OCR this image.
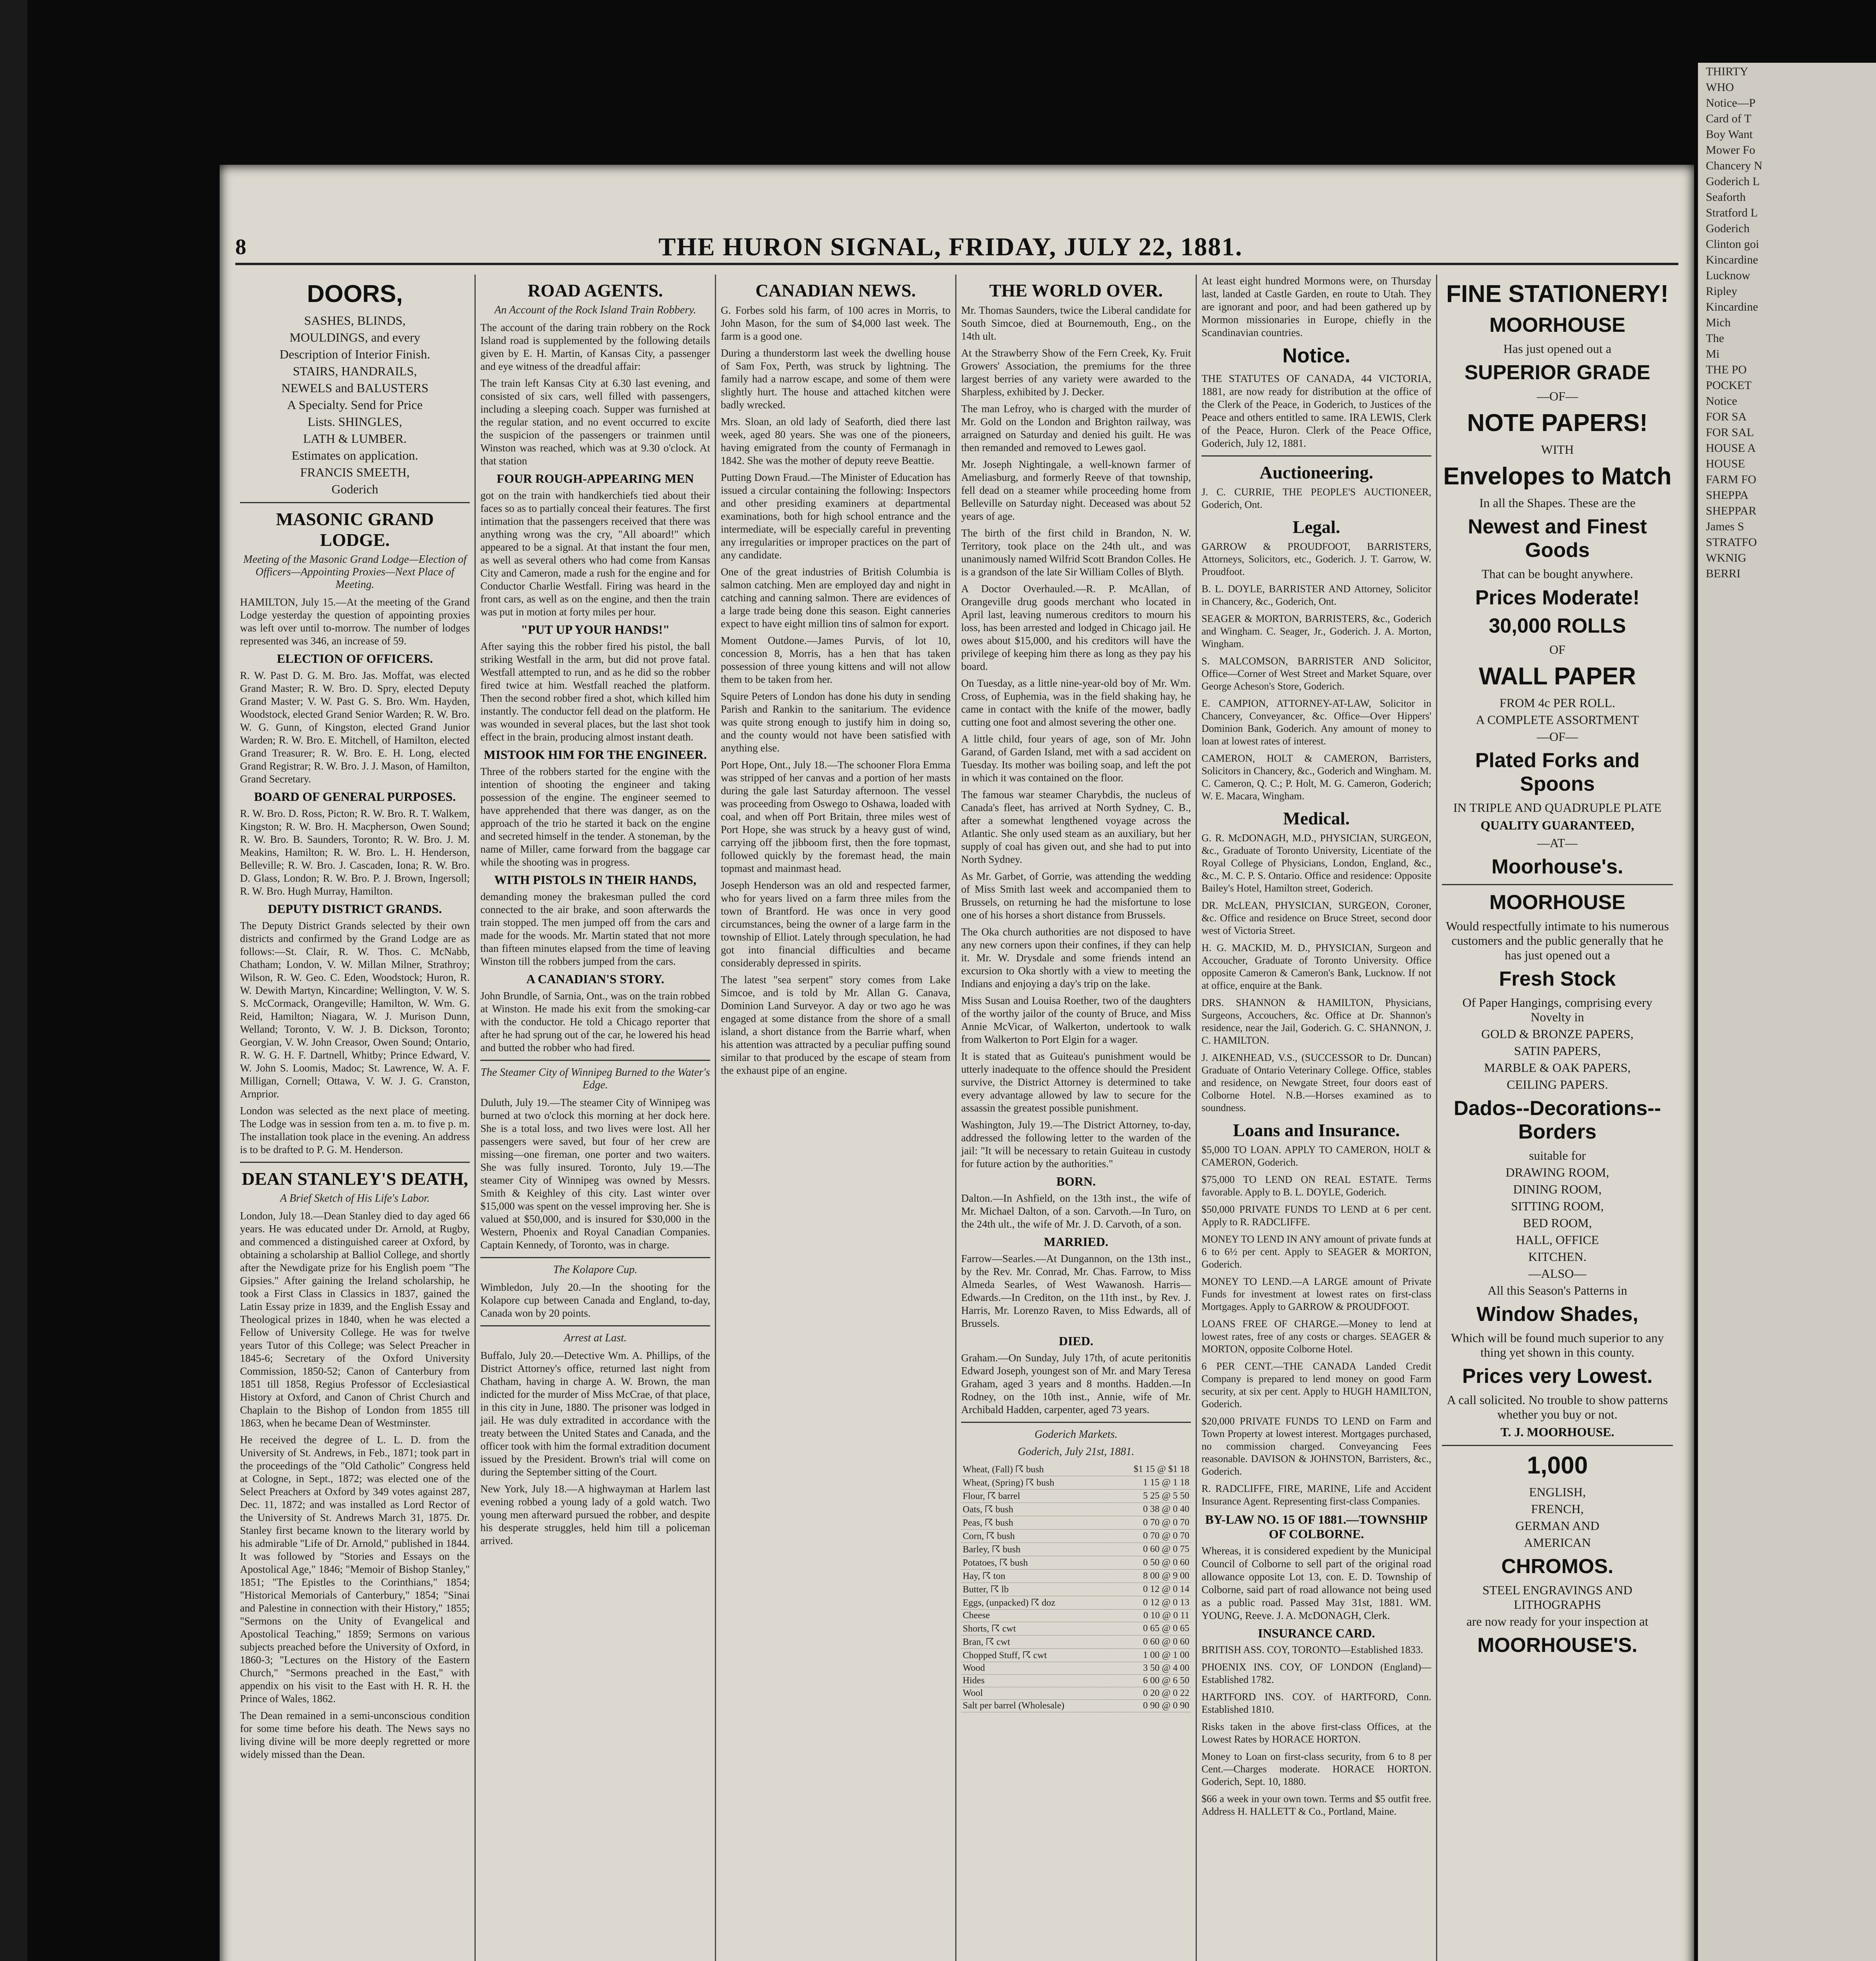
THIRTY
WHO
Notice—P
Card of T
Boy Want
Mower Fo
Chancery N
Goderich L
Seaforth
Stratford L
Goderich
Clinton goi
Kincardine
Lucknow
Ripley
Kincardine
Mich
The
Mi
THE PO
POCKET
Notice
FOR SA
FOR SAL
HOUSE A
HOUSE
FARM FO
SHEPPA
SHEPPAR
James S
STRATFO
WKNIG
BERRI
8	THE HURON SIGNAL, FRIDAY, JULY 22, 1881.
DOORS,
SASHES, BLINDS,
MOULDINGS, and every
Description of Interior Finish.
STAIRS, HANDRAILS,
NEWELS and BALUSTERS
A Specialty. Send for Price
Lists. SHINGLES,
LATH & LUMBER.
Estimates on application.
FRANCIS SMEETH,
Goderich
MASONIC GRAND LODGE.
Meeting of the Masonic Grand Lodge—Election of Officers—Appointing Proxies—Next Place of Meeting.

HAMILTON, July 15.—At the meeting of the Grand Lodge yesterday the question of appointing proxies was left over until to-morrow. The number of lodges represented was 346, an increase of 59.

ELECTION OF OFFICERS.

R. W. Past D. G. M. Bro. Jas. Moffat, was elected Grand Master; R. W. Bro. D. Spry, elected Deputy Grand Master; V. W. Past G. S. Bro. Wm. Hayden, Woodstock, elected Grand Senior Warden; R. W. Bro. W. G. Gunn, of Kingston, elected Grand Junior Warden; R. W. Bro. E. Mitchell, of Hamilton, elected Grand Treasurer; R. W. Bro. E. H. Long, elected Grand Registrar; R. W. Bro. J. J. Mason, of Hamilton, Grand Secretary.

BOARD OF GENERAL PURPOSES.

R. W. Bro. D. Ross, Picton; R. W. Bro. R. T. Walkem, Kingston; R. W. Bro. H. Macpherson, Owen Sound; R. W. Bro. B. Saunders, Toronto; R. W. Bro. J. M. Meakins, Hamilton; R. W. Bro. L. H. Henderson, Belleville; R. W. Bro. J. Cascaden, Iona; R. W. Bro. D. Glass, London; R. W. Bro. P. J. Brown, Ingersoll; R. W. Bro. Hugh Murray, Hamilton.

DEPUTY DISTRICT GRANDS.

The Deputy District Grands selected by their own districts and confirmed by the Grand Lodge are as follows:—St. Clair, R. W. Thos. C. McNabb, Chatham; London, V. W. Millan Milner, Strathroy; Wilson, R. W. Geo. C. Eden, Woodstock; Huron, R. W. Dewith Martyn, Kincardine; Wellington, V. W. S. S. McCormack, Orangeville; Hamilton, W. Wm. G. Reid, Hamilton; Niagara, W. J. Murison Dunn, Welland; Toronto, V. W. J. B. Dickson, Toronto; Georgian, V. W. John Creasor, Owen Sound; Ontario, R. W. G. H. F. Dartnell, Whitby; Prince Edward, V. W. John S. Loomis, Madoc; St. Lawrence, W. A. F. Milligan, Cornell; Ottawa, V. W. J. G. Cranston, Arnprior.

London was selected as the next place of meeting. The Lodge was in session from ten a. m. to five p. m. The installation took place in the evening. An address is to be drafted to P. G. M. Henderson.

DEAN STANLEY'S DEATH,
A Brief Sketch of His Life's Labor.

London, July 18.—Dean Stanley died to day aged 66 years. He was educated under Dr. Arnold, at Rugby, and commenced a distinguished career at Oxford, by obtaining a scholarship at Balliol College, and shortly after the Newdigate prize for his English poem "The Gipsies." After gaining the Ireland scholarship, he took a First Class in Classics in 1837, gained the Latin Essay prize in 1839, and the English Essay and Theological prizes in 1840, when he was elected a Fellow of University College. He was for twelve years Tutor of this College; was Select Preacher in 1845-6; Secretary of the Oxford University Commission, 1850-52; Canon of Canterbury from 1851 till 1858, Regius Professor of Ecclesiastical History at Oxford, and Canon of Christ Church and Chaplain to the Bishop of London from 1855 till 1863, when he became Dean of Westminster.

He received the degree of L. L. D. from the University of St. Andrews, in Feb., 1871; took part in the proceedings of the "Old Catholic" Congress held at Cologne, in Sept., 1872; was elected one of the Select Preachers at Oxford by 349 votes against 287, Dec. 11, 1872; and was installed as Lord Rector of the University of St. Andrews March 31, 1875. Dr. Stanley first became known to the literary world by his admirable "Life of Dr. Arnold," published in 1844. It was followed by "Stories and Essays on the Apostolical Age," 1846; "Memoir of Bishop Stanley," 1851; "The Epistles to the Corinthians," 1854; "Historical Memorials of Canterbury," 1854; "Sinai and Palestine in connection with their History," 1855; "Sermons on the Unity of Evangelical and Apostolical Teaching," 1859; Sermons on various subjects preached before the University of Oxford, in 1860-3; "Lectures on the History of the Eastern Church," "Sermons preached in the East," with appendix on his visit to the East with H. R. H. the Prince of Wales, 1862.

The Dean remained in a semi-unconscious condition for some time before his death. The News says no living divine will be more deeply regretted or more widely missed than the Dean.

ROAD AGENTS.
An Account of the Rock Island Train Robbery.

The account of the daring train robbery on the Rock Island road is supplemented by the following details given by E. H. Martin, of Kansas City, a passenger and eye witness of the dreadful affair:

The train left Kansas City at 6.30 last evening, and consisted of six cars, well filled with passengers, including a sleeping coach. Supper was furnished at the regular station, and no event occurred to excite the suspicion of the passengers or trainmen until Winston was reached, which was at 9.30 o'clock. At that station

FOUR ROUGH-APPEARING MEN

got on the train with handkerchiefs tied about their faces so as to partially conceal their features. The first intimation that the passengers received that there was anything wrong was the cry, "All aboard!" which appeared to be a signal. At that instant the four men, as well as several others who had come from Kansas City and Cameron, made a rush for the engine and for Conductor Charlie Westfall. Firing was heard in the front cars, as well as on the engine, and then the train was put in motion at forty miles per hour.

"PUT UP YOUR HANDS!"

After saying this the robber fired his pistol, the ball striking Westfall in the arm, but did not prove fatal. Westfall attempted to run, and as he did so the robber fired twice at him. Westfall reached the platform. Then the second robber fired a shot, which killed him instantly. The conductor fell dead on the platform. He was wounded in several places, but the last shot took effect in the brain, producing almost instant death.

MISTOOK HIM FOR THE ENGINEER.

Three of the robbers started for the engine with the intention of shooting the engineer and taking possession of the engine. The engineer seemed to have apprehended that there was danger, as on the approach of the trio he started it back on the engine and secreted himself in the tender. A stoneman, by the name of Miller, came forward from the baggage car while the shooting was in progress.

WITH PISTOLS IN THEIR HANDS,

demanding money the brakesman pulled the cord connected to the air brake, and soon afterwards the train stopped. The men jumped off from the cars and made for the woods. Mr. Martin stated that not more than fifteen minutes elapsed from the time of leaving Winston till the robbers jumped from the cars.

A CANADIAN'S STORY.

John Brundle, of Sarnia, Ont., was on the train robbed at Winston. He made his exit from the smoking-car with the conductor. He told a Chicago reporter that after he had sprung out of the car, he lowered his head and butted the robber who had fired.

The Steamer City of Winnipeg Burned to the Water's Edge.

Duluth, July 19.—The steamer City of Winnipeg was burned at two o'clock this morning at her dock here. She is a total loss, and two lives were lost. All her passengers were saved, but four of her crew are missing—one fireman, one porter and two waiters. She was fully insured. Toronto, July 19.—The steamer City of Winnipeg was owned by Messrs. Smith & Keighley of this city. Last winter over $15,000 was spent on the vessel improving her. She is valued at $50,000, and is insured for $30,000 in the Western, Phoenix and Royal Canadian Companies. Captain Kennedy, of Toronto, was in charge.

The Kolapore Cup.

Wimbledon, July 20.—In the shooting for the Kolapore cup between Canada and England, to-day, Canada won by 20 points.

Arrest at Last.

Buffalo, July 20.—Detective Wm. A. Phillips, of the District Attorney's office, returned last night from Chatham, having in charge A. W. Brown, the man indicted for the murder of Miss McCrae, of that place, in this city in June, 1880. The prisoner was lodged in jail. He was duly extradited in accordance with the treaty between the United States and Canada, and the officer took with him the formal extradition document issued by the President. Brown's trial will come on during the September sitting of the Court.

New York, July 18.—A highwayman at Harlem last evening robbed a young lady of a gold watch. Two young men afterward pursued the robber, and despite his desperate struggles, held him till a policeman arrived.

CANADIAN NEWS.

G. Forbes sold his farm, of 100 acres in Morris, to John Mason, for the sum of $4,000 last week. The farm is a good one.

During a thunderstorm last week the dwelling house of Sam Fox, Perth, was struck by lightning. The family had a narrow escape, and some of them were slightly hurt. The house and attached kitchen were badly wrecked.

Mrs. Sloan, an old lady of Seaforth, died there last week, aged 80 years. She was one of the pioneers, having emigrated from the county of Fermanagh in 1842. She was the mother of deputy reeve Beattie.

Putting Down Fraud.—The Minister of Education has issued a circular containing the following: Inspectors and other presiding examiners at departmental examinations, both for high school entrance and the intermediate, will be especially careful in preventing any irregularities or improper practices on the part of any candidate.

One of the great industries of British Columbia is salmon catching. Men are employed day and night in catching and canning salmon. There are evidences of a large trade being done this season. Eight canneries expect to have eight million tins of salmon for export.

Moment Outdone.—James Purvis, of lot 10, concession 8, Morris, has a hen that has taken possession of three young kittens and will not allow them to be taken from her.

Squire Peters of London has done his duty in sending Parish and Rankin to the sanitarium. The evidence was quite strong enough to justify him in doing so, and the county would not have been satisfied with anything else.

Port Hope, Ont., July 18.—The schooner Flora Emma was stripped of her canvas and a portion of her masts during the gale last Saturday afternoon. The vessel was proceeding from Oswego to Oshawa, loaded with coal, and when off Port Britain, three miles west of Port Hope, she was struck by a heavy gust of wind, carrying off the jibboom first, then the fore topmast, followed quickly by the foremast head, the main topmast and mainmast head.

Joseph Henderson was an old and respected farmer, who for years lived on a farm three miles from the town of Brantford. He was once in very good circumstances, being the owner of a large farm in the township of Elliot. Lately through speculation, he had got into financial difficulties and became considerably depressed in spirits.

The latest "sea serpent" story comes from Lake Simcoe, and is told by Mr. Allan G. Canava, Dominion Land Surveyor. A day or two ago he was engaged at some distance from the shore of a small island, a short distance from the Barrie wharf, when his attention was attracted by a peculiar puffing sound similar to that produced by the escape of steam from the exhaust pipe of an engine.

THE WORLD OVER.

Mr. Thomas Saunders, twice the Liberal candidate for South Simcoe, died at Bournemouth, Eng., on the 14th ult.

At the Strawberry Show of the Fern Creek, Ky. Fruit Growers' Association, the premiums for the three largest berries of any variety were awarded to the Sharpless, exhibited by J. Decker.

The man Lefroy, who is charged with the murder of Mr. Gold on the London and Brighton railway, was arraigned on Saturday and denied his guilt. He was then remanded and removed to Lewes gaol.

Mr. Joseph Nightingale, a well-known farmer of Ameliasburg, and formerly Reeve of that township, fell dead on a steamer while proceeding home from Belleville on Saturday night. Deceased was about 52 years of age.

The birth of the first child in Brandon, N. W. Territory, took place on the 24th ult., and was unanimously named Wilfrid Scott Brandon Colles. He is a grandson of the late Sir William Colles of Blyth.

A Doctor Overhauled.—R. P. McAllan, of Orangeville drug goods merchant who located in April last, leaving numerous creditors to mourn his loss, has been arrested and lodged in Chicago jail. He owes about $15,000, and his creditors will have the privilege of keeping him there as long as they pay his board.

On Tuesday, as a little nine-year-old boy of Mr. Wm. Cross, of Euphemia, was in the field shaking hay, he came in contact with the knife of the mower, badly cutting one foot and almost severing the other one.

A little child, four years of age, son of Mr. John Garand, of Garden Island, met with a sad accident on Tuesday. Its mother was boiling soap, and left the pot in which it was contained on the floor.

The famous war steamer Charybdis, the nucleus of Canada's fleet, has arrived at North Sydney, C. B., after a somewhat lengthened voyage across the Atlantic. She only used steam as an auxiliary, but her supply of coal has given out, and she had to put into North Sydney.

As Mr. Garbet, of Gorrie, was attending the wedding of Miss Smith last week and accompanied them to Brussels, on returning he had the misfortune to lose one of his horses a short distance from Brussels.

The Oka church authorities are not disposed to have any new corners upon their confines, if they can help it. Mr. W. Drysdale and some friends intend an excursion to Oka shortly with a view to meeting the Indians and enjoying a day's trip on the lake.

Miss Susan and Louisa Roether, two of the daughters of the worthy jailor of the county of Bruce, and Miss Annie McVicar, of Walkerton, undertook to walk from Walkerton to Port Elgin for a wager.

It is stated that as Guiteau's punishment would be utterly inadequate to the offence should the President survive, the District Attorney is determined to take every advantage allowed by law to secure for the assassin the greatest possible punishment.

Washington, July 19.—The District Attorney, to-day, addressed the following letter to the warden of the jail: "It will be necessary to retain Guiteau in custody for future action by the authorities."

BORN.

Dalton.—In Ashfield, on the 13th inst., the wife of Mr. Michael Dalton, of a son. Carvoth.—In Turo, on the 24th ult., the wife of Mr. J. D. Carvoth, of a son.

MARRIED.

Farrow—Searles.—At Dungannon, on the 13th inst., by the Rev. Mr. Conrad, Mr. Chas. Farrow, to Miss Almeda Searles, of West Wawanosh. Harris—Edwards.—In Crediton, on the 11th inst., by Rev. J. Harris, Mr. Lorenzo Raven, to Miss Edwards, all of Brussels.

DIED.

Graham.—On Sunday, July 17th, of acute peritonitis Edward Joseph, youngest son of Mr. and Mary Teresa Graham, aged 3 years and 8 months. Hadden.—In Rodney, on the 10th inst., Annie, wife of Mr. Archibald Hadden, carpenter, aged 73 years.

Goderich Markets.
Goderich, July 21st, 1881.
Wheat, (Fall) ☈ bush	$1 15 @ $1 18
Wheat, (Spring) ☈ bush	1 15 @ 1 18
Flour, ☈ barrel	5 25 @ 5 50
Oats, ☈ bush	0 38 @ 0 40
Peas, ☈ bush	0 70 @ 0 70
Corn, ☈ bush	0 70 @ 0 70
Barley, ☈ bush	0 60 @ 0 75
Potatoes, ☈ bush	0 50 @ 0 60
Hay, ☈ ton	8 00 @ 9 00
Butter, ☈ lb	0 12 @ 0 14
Eggs, (unpacked) ☈ doz	0 12 @ 0 13
Cheese	0 10 @ 0 11
Shorts, ☈ cwt	0 65 @ 0 65
Bran, ☈ cwt	0 60 @ 0 60
Chopped Stuff, ☈ cwt	1 00 @ 1 00
Wood	3 50 @ 4 00
Hides	6 00 @ 6 50
Wool	0 20 @ 0 22
Salt per barrel (Wholesale)	0 90 @ 0 90

At least eight hundred Mormons were, on Thursday last, landed at Castle Garden, en route to Utah. They are ignorant and poor, and had been gathered up by Mormon missionaries in Europe, chiefly in the Scandinavian countries.

Notice.

THE STATUTES OF CANADA, 44 VICTORIA, 1881, are now ready for distribution at the office of the Clerk of the Peace, in Goderich, to Justices of the Peace and others entitled to same. IRA LEWIS, Clerk of the Peace, Huron. Clerk of the Peace Office, Goderich, July 12, 1881.

Auctioneering.

J. C. CURRIE, THE PEOPLE'S AUCTIONEER, Goderich, Ont.

Legal.
GARROW & PROUDFOOT, BARRISTERS, Attorneys, Solicitors, etc., Goderich. J. T. Garrow, W. Proudfoot.
B. L. DOYLE, BARRISTER AND Attorney, Solicitor in Chancery, &c., Goderich, Ont.
SEAGER & MORTON, BARRISTERS, &c., Goderich and Wingham. C. Seager, Jr., Goderich. J. A. Morton, Wingham.
S. MALCOMSON, BARRISTER AND Solicitor, Office—Corner of West Street and Market Square, over George Acheson's Store, Goderich.
E. CAMPION, ATTORNEY-AT-LAW, Solicitor in Chancery, Conveyancer, &c. Office—Over Hippers' Dominion Bank, Goderich. Any amount of money to loan at lowest rates of interest.
CAMERON, HOLT & CAMERON, Barristers, Solicitors in Chancery, &c., Goderich and Wingham. M. C. Cameron, Q. C.; P. Holt, M. G. Cameron, Goderich; W. E. Macara, Wingham.
Medical.
G. R. McDONAGH, M.D., PHYSICIAN, SURGEON, &c., Graduate of Toronto University, Licentiate of the Royal College of Physicians, London, England, &c., &c., M. C. P. S. Ontario. Office and residence: Opposite Bailey's Hotel, Hamilton street, Goderich.
DR. McLEAN, PHYSICIAN, SURGEON, Coroner, &c. Office and residence on Bruce Street, second door west of Victoria Street.
H. G. MACKID, M. D., PHYSICIAN, Surgeon and Accoucher, Graduate of Toronto University. Office opposite Cameron & Cameron's Bank, Lucknow. If not at office, enquire at the Bank.
DRS. SHANNON & HAMILTON, Physicians, Surgeons, Accouchers, &c. Office at Dr. Shannon's residence, near the Jail, Goderich. G. C. SHANNON, J. C. HAMILTON.
J. AIKENHEAD, V.S., (SUCCESSOR to Dr. Duncan) Graduate of Ontario Veterinary College. Office, stables and residence, on Newgate Street, four doors east of Colborne Hotel. N.B.—Horses examined as to soundness.
Loans and Insurance.
$5,000 TO LOAN. APPLY TO CAMERON, HOLT & CAMERON, Goderich.
$75,000 TO LEND ON REAL ESTATE. Terms favorable. Apply to B. L. DOYLE, Goderich.
$50,000 PRIVATE FUNDS TO LEND at 6 per cent. Apply to R. RADCLIFFE.
MONEY TO LEND IN ANY amount of private funds at 6 to 6½ per cent. Apply to SEAGER & MORTON, Goderich.
MONEY TO LEND.—A LARGE amount of Private Funds for investment at lowest rates on first-class Mortgages. Apply to GARROW & PROUDFOOT.
LOANS FREE OF CHARGE.—Money to lend at lowest rates, free of any costs or charges. SEAGER & MORTON, opposite Colborne Hotel.
6 PER CENT.—THE CANADA Landed Credit Company is prepared to lend money on good Farm security, at six per cent. Apply to HUGH HAMILTON, Goderich.
$20,000 PRIVATE FUNDS TO LEND on Farm and Town Property at lowest interest. Mortgages purchased, no commission charged. Conveyancing Fees reasonable. DAVISON & JOHNSTON, Barristers, &c., Goderich.
R. RADCLIFFE, FIRE, MARINE, Life and Accident Insurance Agent. Representing first-class Companies.
BY-LAW NO. 15 OF 1881.—TOWNSHIP OF COLBORNE.

Whereas, it is considered expedient by the Municipal Council of Colborne to sell part of the original road allowance opposite Lot 13, con. E. D. Township of Colborne, said part of road allowance not being used as a public road. Passed May 31st, 1881. WM. YOUNG, Reeve. J. A. McDONAGH, Clerk.

INSURANCE CARD.
BRITISH ASS. COY, TORONTO—Established 1833.
PHOENIX INS. COY, OF LONDON (England)—Established 1782.
HARTFORD INS. COY. of HARTFORD, Conn. Established 1810.
Risks taken in the above first-class Offices, at the Lowest Rates by HORACE HORTON.

Money to Loan on first-class security, from 6 to 8 per Cent.—Charges moderate. HORACE HORTON. Goderich, Sept. 10, 1880.

$66 a week in your own town. Terms and $5 outfit free. Address H. HALLETT & Co., Portland, Maine.

FINE STATIONERY!
MOORHOUSE
Has just opened out a
SUPERIOR GRADE
—OF—
NOTE PAPERS!
WITH
Envelopes to Match
In all the Shapes. These are the
Newest and Finest Goods
That can be bought anywhere.
Prices Moderate!
30,000 ROLLS
OF
WALL PAPER
FROM 4c PER ROLL.
A COMPLETE ASSORTMENT
—OF—
Plated Forks and Spoons
IN TRIPLE AND QUADRUPLE PLATE
QUALITY GUARANTEED,
—AT—
Moorhouse's.
MOORHOUSE
Would respectfully intimate to his numerous customers and the public generally that he has just opened out a
Fresh Stock
Of Paper Hangings, comprising every Novelty in
GOLD & BRONZE PAPERS,
SATIN PAPERS,
MARBLE & OAK PAPERS,
CEILING PAPERS.
Dados--Decorations--Borders
suitable for
DRAWING ROOM,
DINING ROOM,
SITTING ROOM,
BED ROOM,
HALL, OFFICE
KITCHEN.
—ALSO—
All this Season's Patterns in
Window Shades,
Which will be found much superior to any thing yet shown in this county.
Prices very Lowest.
A call solicited. No trouble to show patterns whether you buy or not.
T. J. MOORHOUSE.
1,000
ENGLISH,
FRENCH,
GERMAN AND
AMERICAN
CHROMOS.
STEEL ENGRAVINGS AND LITHOGRAPHS
are now ready for your inspection at
MOORHOUSE'S.
